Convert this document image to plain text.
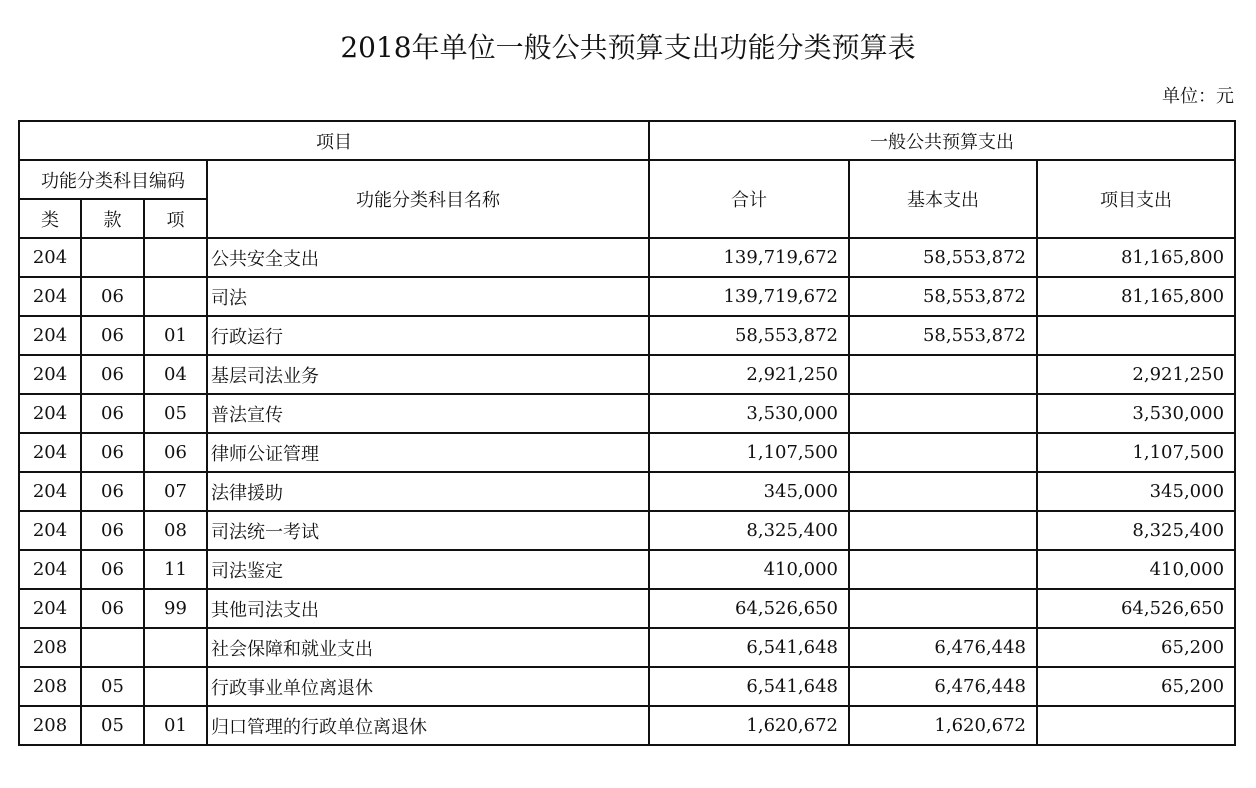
2018年单位一般公共预算支出功能分类预算表
单位：元
项目				一般公共预算支出		
功能分类科目编码			功能分类科目名称	合计	基本支出	项目支出
类	款	项				
204			公共安全支出	139,719,672	58,553,872	81,165,800
204	06		司法	139,719,672	58,553,872	81,165,800
204	06	01	行政运行	58,553,872	58,553,872	
204	06	04	基层司法业务	2,921,250		2,921,250
204	06	05	普法宣传	3,530,000		3,530,000
204	06	06	律师公证管理	1,107,500		1,107,500
204	06	07	法律援助	345,000		345,000
204	06	08	司法统一考试	8,325,400		8,325,400
204	06	11	司法鉴定	410,000		410,000
204	06	99	其他司法支出	64,526,650		64,526,650
208			社会保障和就业支出	6,541,648	6,476,448	65,200
208	05		行政事业单位离退休	6,541,648	6,476,448	65,200
208	05	01	归口管理的行政单位离退休	1,620,672	1,620,672	
